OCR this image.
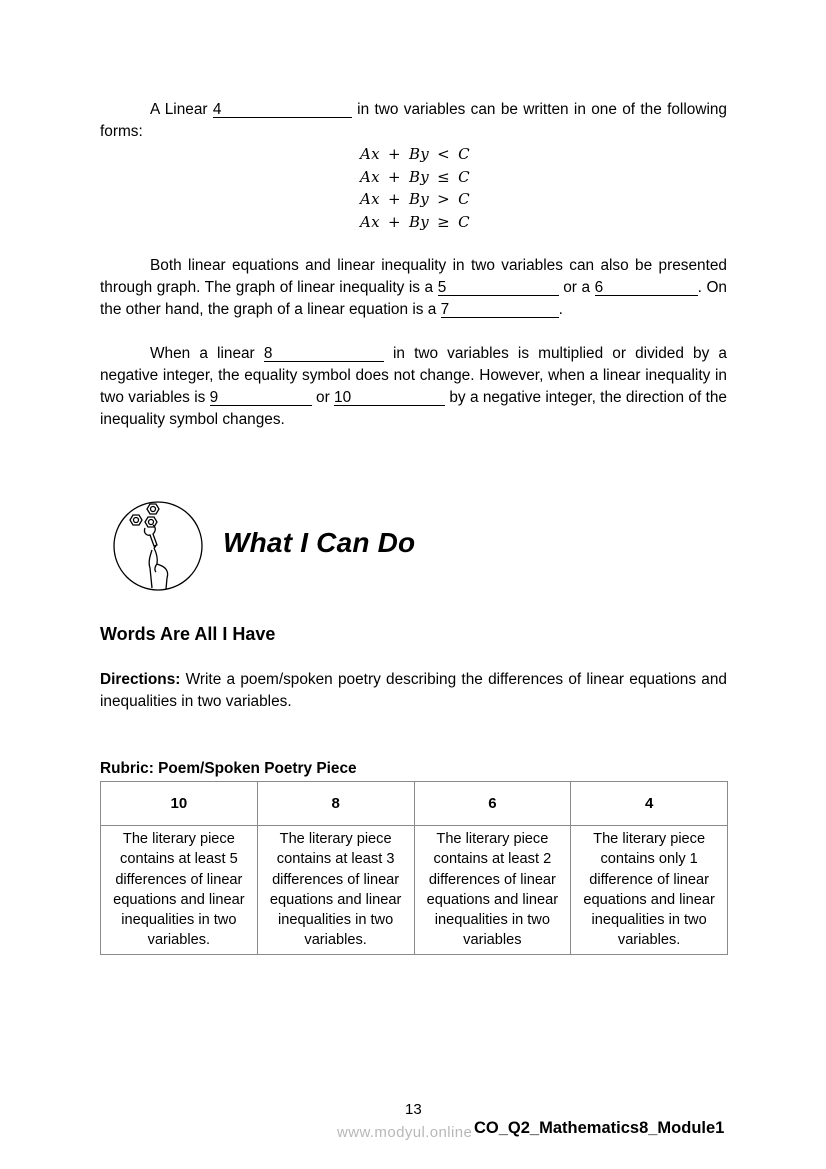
A Linear 4	in two variables can be written in one of the following forms:
Ax + By < C
Ax + By ≤ C
Ax + By > C
Ax + By ≥ C
Both linear equations and linear inequality in two variables can also be presented through graph. The graph of linear inequality is a 5	or a 6	. On the other hand, the graph of a linear equation is a 7	.
When a linear 8	in two variables is multiplied or divided by a negative integer, the equality symbol does not change. However, when a linear inequality in two variables is 9	or 10	by a negative integer, the direction of the inequality symbol changes.
What I Can Do
Words Are All I Have
Directions: Write a poem/spoken poetry describing the differences of linear equations and inequalities in two variables.
Rubric: Poem/Spoken Poetry Piece
10	8	6	4
The literary piece contains at least 5 differences of linear equations and linear inequalities in two variables.	The literary piece contains at least 3 differences of linear equations and linear inequalities in two variables.	The literary piece contains at least 2 differences of linear equations and linear inequalities in two variables	The literary piece contains only 1 difference of linear equations and linear inequalities in two variables.
13
www.modyul.online CO_Q2_Mathematics8_Module1
